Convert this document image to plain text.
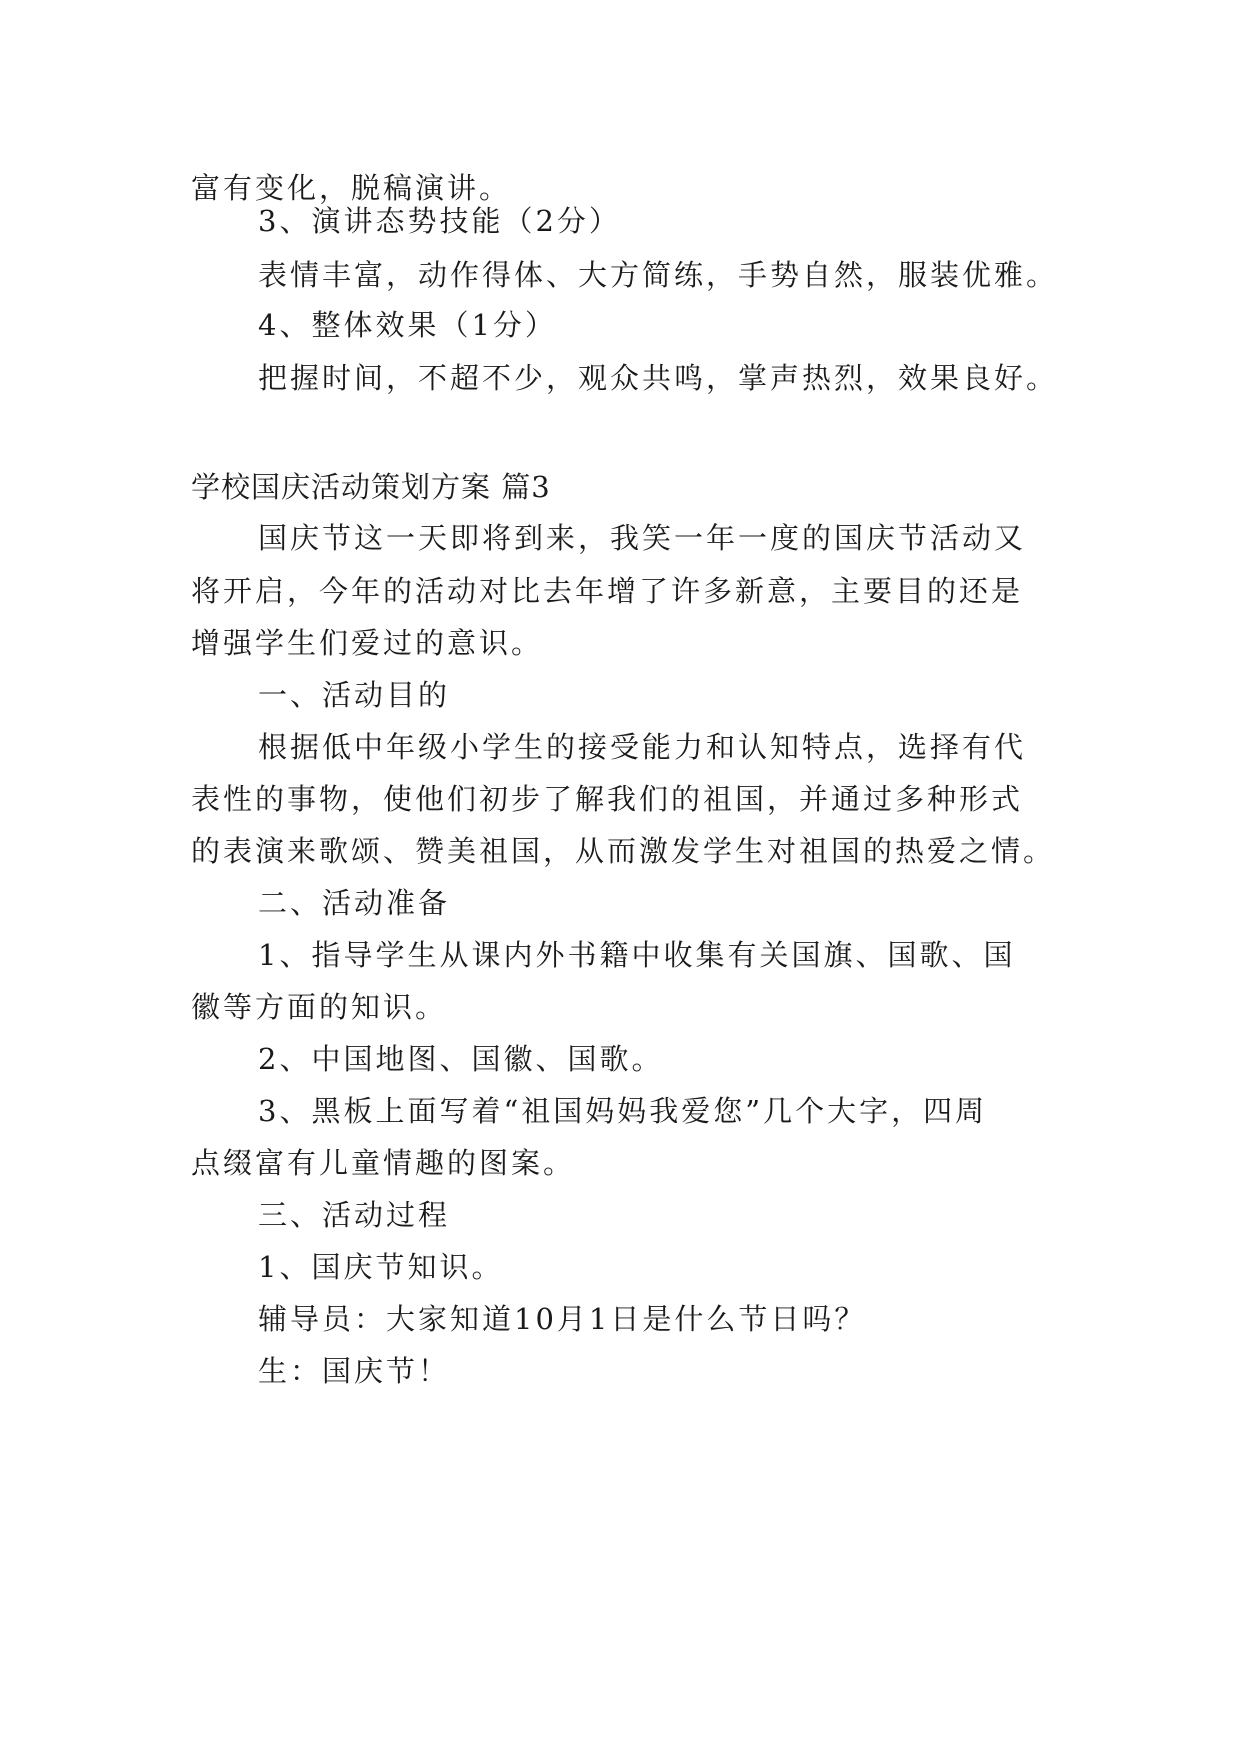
富有变化，脱稿演讲。
3、演讲态势技能（2分）
表情丰富，动作得体、大方简练，手势自然，服装优雅。
4、整体效果（1分）
把握时间，不超不少，观众共鸣，掌声热烈，效果良好。
学校国庆活动策划方案 篇3
国庆节这一天即将到来，我笑一年一度的国庆节活动又
将开启，今年的活动对比去年增了许多新意，主要目的还是
增强学生们爱过的意识。
一、活动目的
根据低中年级小学生的接受能力和认知特点，选择有代
表性的事物，使他们初步了解我们的祖国，并通过多种形式
的表演来歌颂、赞美祖国，从而激发学生对祖国的热爱之情。
二、活动准备
1、指导学生从课内外书籍中收集有关国旗、国歌、国
徽等方面的知识。
2、中国地图、国徽、国歌。
3、黑板上面写着“祖国妈妈我爱您”几个大字，四周
点缀富有儿童情趣的图案。
三、活动过程
1、国庆节知识。
辅导员：大家知道10月1日是什么节日吗？
生：国庆节！
